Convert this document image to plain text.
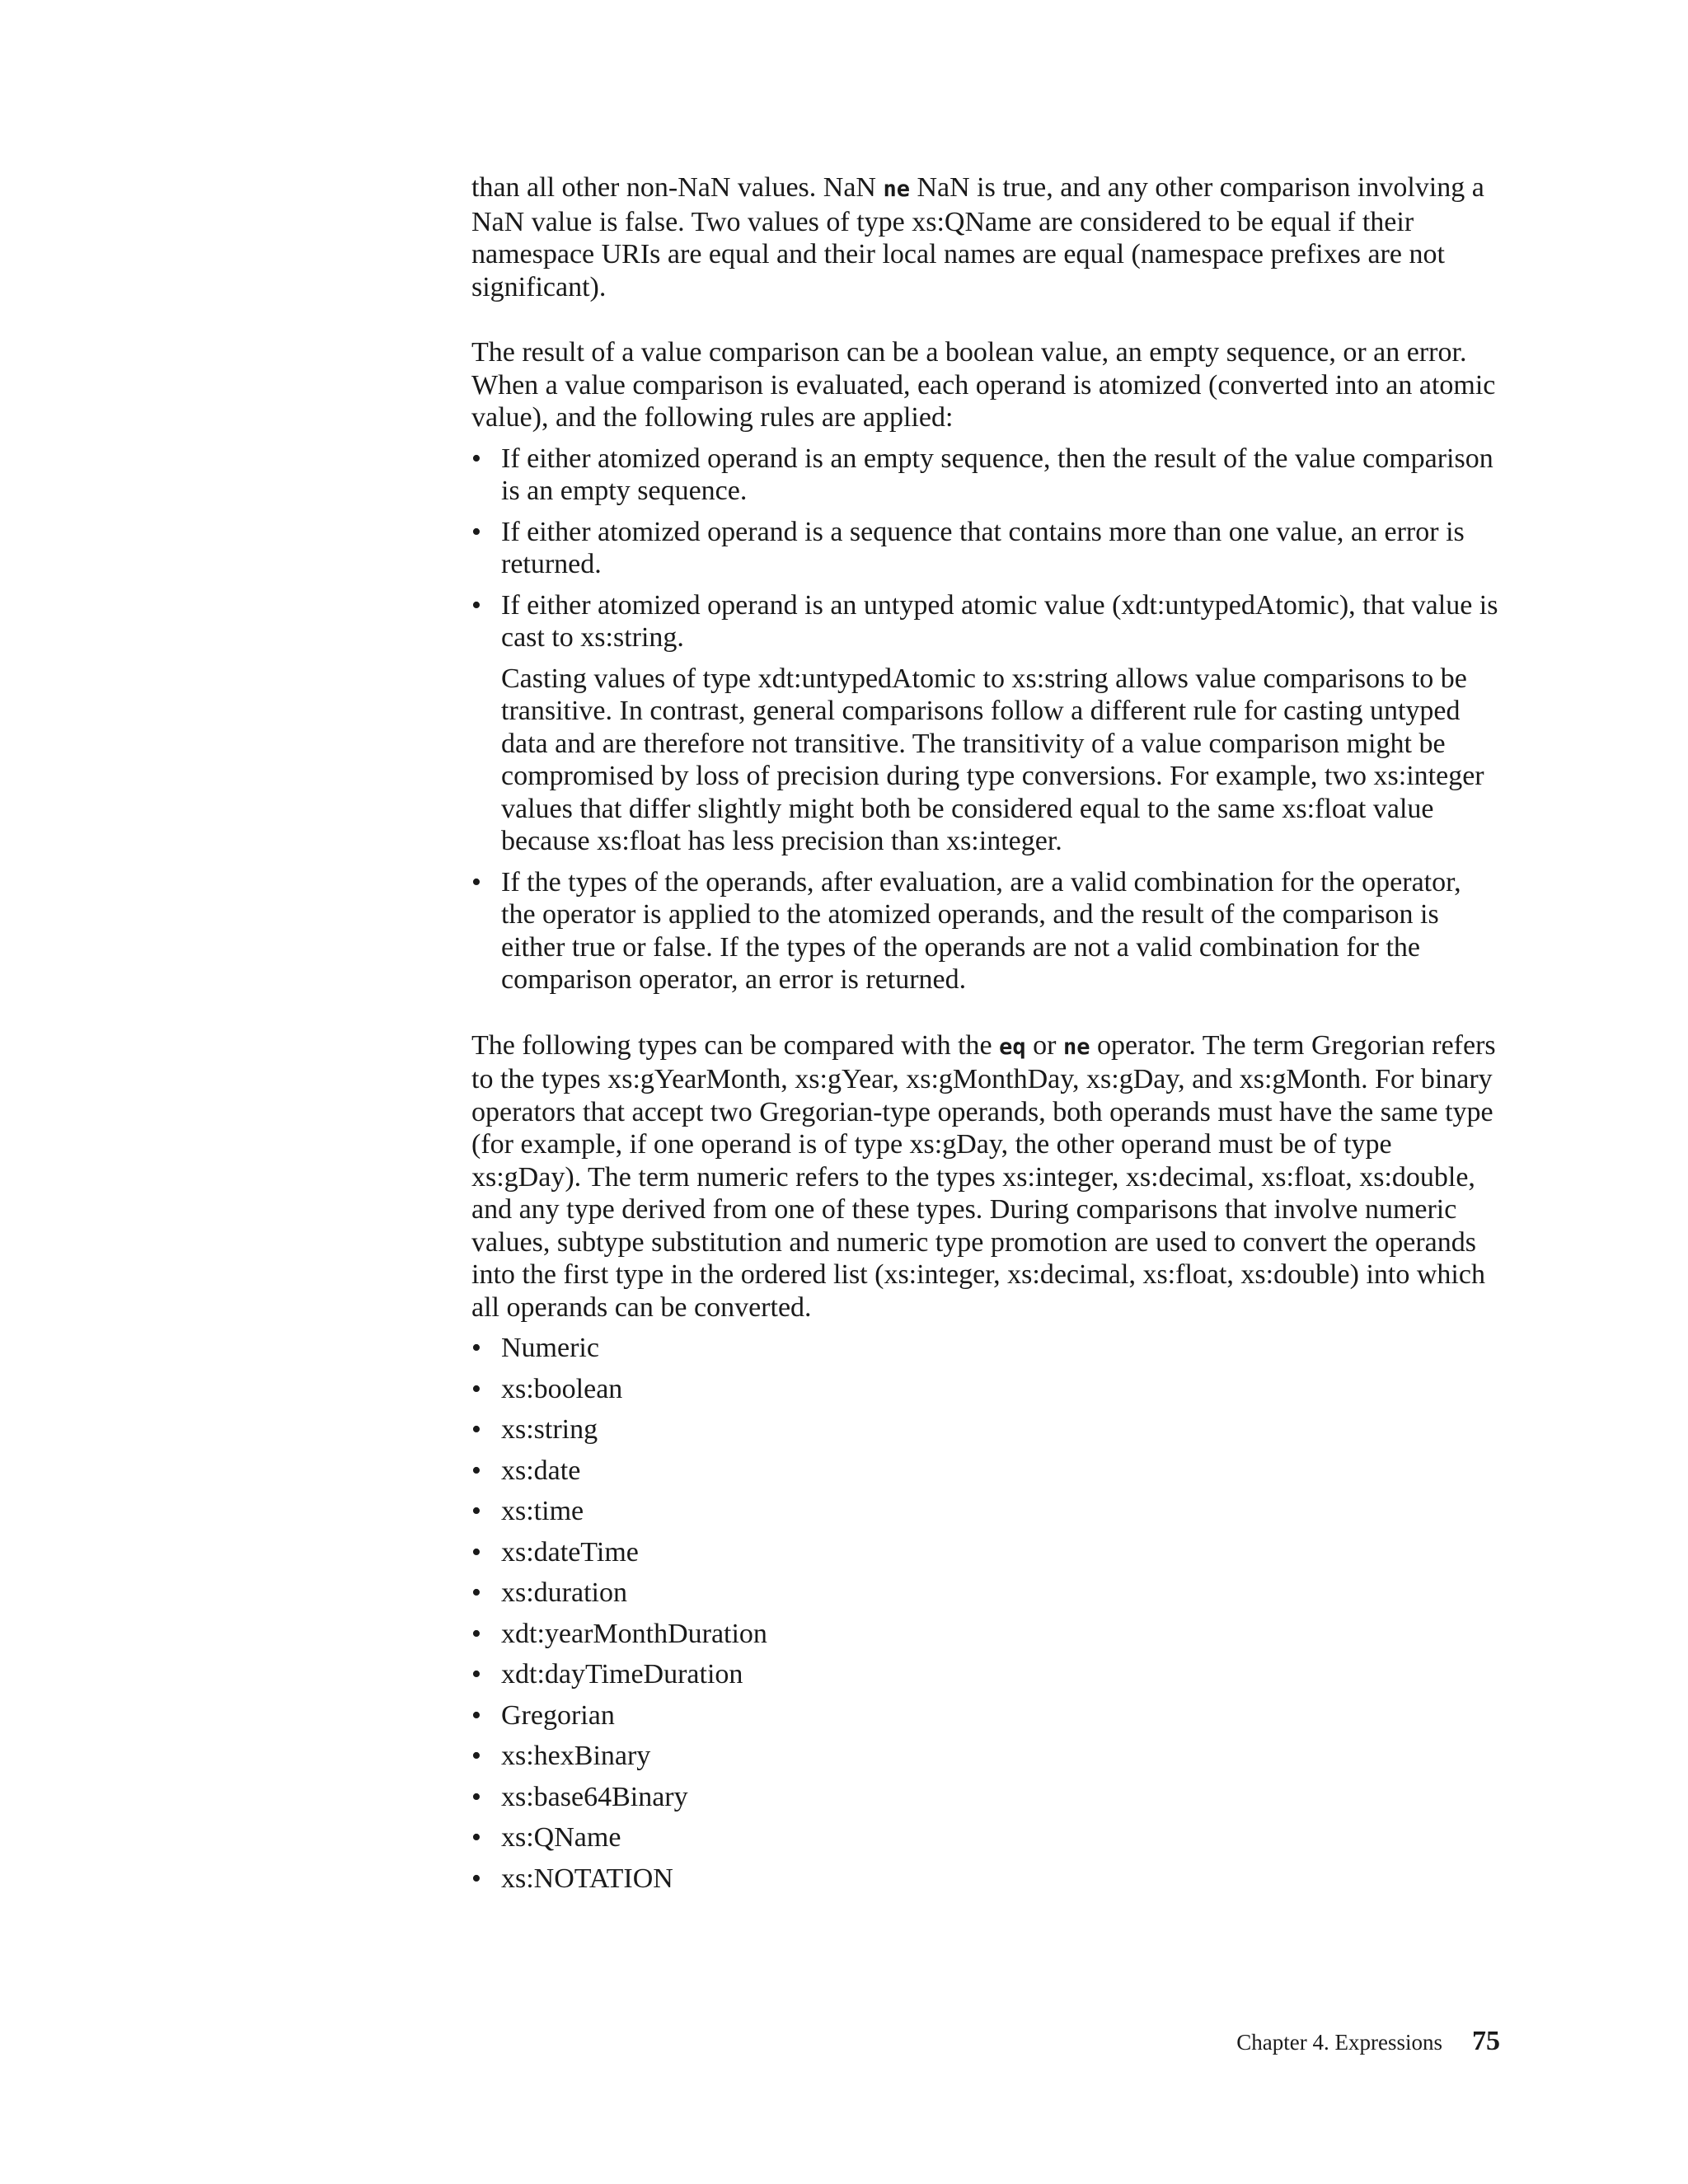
than all other non-NaN values. NaN ne NaN is true, and any other comparison involving a NaN value is false. Two values of type xs:QName are considered to be equal if their namespace URIs are equal and their local names are equal (namespace prefixes are not significant).

The result of a value comparison can be a boolean value, an empty sequence, or an error. When a value comparison is evaluated, each operand is atomized (converted into an atomic value), and the following rules are applied:

• If either atomized operand is an empty sequence, then the result of the value comparison is an empty sequence.
• If either atomized operand is a sequence that contains more than one value, an error is returned.
• If either atomized operand is an untyped atomic value (xdt:untypedAtomic), that value is cast to xs:string.

Casting values of type xdt:untypedAtomic to xs:string allows value comparisons to be transitive. In contrast, general comparisons follow a different rule for casting untyped data and are therefore not transitive. The transitivity of a value comparison might be compromised by loss of precision during type conversions. For example, two xs:integer values that differ slightly might both be considered equal to the same xs:float value because xs:float has less precision than xs:integer.

• If the types of the operands, after evaluation, are a valid combination for the operator, the operator is applied to the atomized operands, and the result of the comparison is either true or false. If the types of the operands are not a valid combination for the comparison operator, an error is returned.

The following types can be compared with the eq or ne operator. The term Gregorian refers to the types xs:gYearMonth, xs:gYear, xs:gMonthDay, xs:gDay, and xs:gMonth. For binary operators that accept two Gregorian-type operands, both operands must have the same type (for example, if one operand is of type xs:gDay, the other operand must be of type xs:gDay). The term numeric refers to the types xs:integer, xs:decimal, xs:float, xs:double, and any type derived from one of these types. During comparisons that involve numeric values, subtype substitution and numeric type promotion are used to convert the operands into the first type in the ordered list (xs:integer, xs:decimal, xs:float, xs:double) into which all operands can be converted.

• Numeric
• xs:boolean
• xs:string
• xs:date
• xs:time
• xs:dateTime
• xs:duration
• xdt:yearMonthDuration
• xdt:dayTimeDuration
• Gregorian
• xs:hexBinary
• xs:base64Binary
• xs:QName
• xs:NOTATION
Chapter 4. Expressions 75
